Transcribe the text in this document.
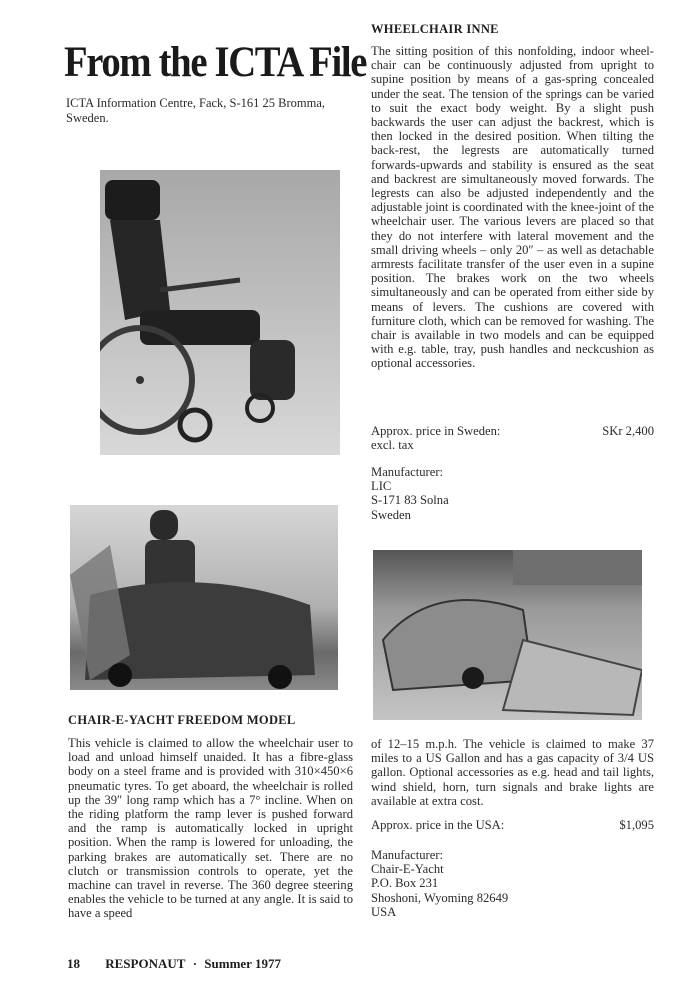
From the ICTA File
ICTA Information Centre, Fack, S-161 25 Bromma, Sweden.
WHEELCHAIR INNE
The sitting position of this nonfolding, indoor wheel-chair can be continuously adjusted from upright to supine position by means of a gas-spring concealed under the seat. The tension of the springs can be varied to suit the exact body weight. By a slight push backwards the user can adjust the backrest, which is then locked in the desired position. When tilting the back-rest, the legrests are automatically turned forwards-upwards and stability is ensured as the seat and backrest are simultaneously moved forwards. The legrests can also be adjusted independently and the adjustable joint is coordinated with the knee-joint of the wheelchair user. The various levers are placed so that they do not interfere with lateral movement and the small driving wheels – only 20″ – as well as detachable armrests facilitate transfer of the user even in a supine position. The brakes work on the two wheels simultaneously and can be operated from either side by means of levers. The cushions are covered with furniture cloth, which can be removed for washing. The chair is available in two models and can be equipped with e.g. table, tray, push handles and neckcushion as optional accessories.
Approx. price in Sweden:	SKr 2,400
excl. tax
Manufacturer:
LIC
S-171 83 Solna
Sweden
CHAIR-E-YACHT FREEDOM MODEL
This vehicle is claimed to allow the wheelchair user to load and unload himself unaided. It has a fibre-glass body on a steel frame and is provided with 310×450×6 pneumatic tyres. To get aboard, the wheelchair is rolled up the 39″ long ramp which has a 7° incline. When on the riding platform the ramp lever is pushed forward and the ramp is automatically locked in upright position. When the ramp is lowered for unloading, the parking brakes are automatically set. There are no clutch or transmission controls to operate, yet the machine can travel in reverse. The 360 degree steering enables the vehicle to be turned at any angle. It is said to have a speed
of 12–15 m.p.h. The vehicle is claimed to make 37 miles to a US Gallon and has a gas capacity of 3/4 US gallon. Optional accessories as e.g. head and tail lights, wind shield, horn, turn signals and brake lights are available at extra cost.
Approx. price in the USA:	$1,095
Manufacturer:
Chair-E-Yacht
P.O. Box 231
Shoshoni, Wyoming 82649
USA
18 RESPONAUT · Summer 1977
